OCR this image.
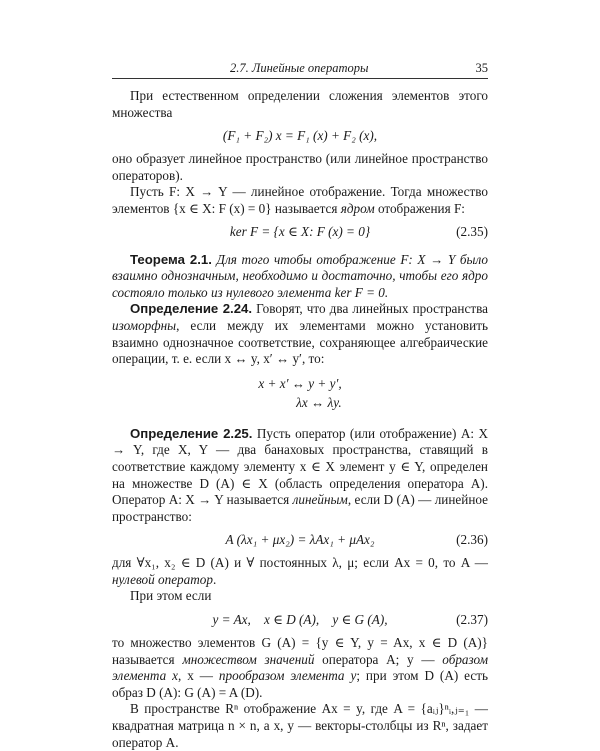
2.7. Линейные операторы	35

При естественном определении сложения элементов этого множества

(F₁ + F₂) x = F₁ (x) + F₂ (x),

оно образует линейное пространство (или линейное пространство операторов).

Пусть F: X → Y — линейное отображение. Тогда множество элементов {x ∈ X: F (x) = 0} называется ядром отображения F:

ker F = {x ∈ X: F (x) = 0}	(2.35)

Теорема 2.1. Для того чтобы отображение F: X → Y было взаимно однозначным, необходимо и достаточно, чтобы его ядро состояло только из нулевого элемента ker F = 0.

Определение 2.24. Говорят, что два линейных пространства изоморфны, если между их элементами можно установить взаимно однозначное соответствие, сохраняющее алгебраические операции, т. е. если x ↔ y, x′ ↔ y′, то:

x + x′ ↔ y + y′,
λx ↔ λy.

Определение 2.25. Пусть оператор (или отображение) A: X → Y, где X, Y — два банаховых пространства, ставящий в соответствие каждому элементу x ∈ X элемент y ∈ Y, определен на множестве D (A) ∈ X (область определения оператора A). Оператор A: X → Y называется линейным, если D (A) — линейное пространство:

A (λx₁ + μx₂) = λAx₁ + μAx₂	(2.36)

для ∀x₁, x₂ ∈ D (A) и ∀ постоянных λ, μ; если Ax = 0, то A — нулевой оператор.

При этом если

y = Ax,    x ∈ D (A),    y ∈ G (A),	(2.37)

то множество элементов G (A) = {y ∈ Y, y = Ax, x ∈ D (A)} называется множеством значений оператора A; y — образом элемента x, x — прообразом элемента y; при этом D (A) есть образ D (A): G (A) = A (D).

В пространстве Rⁿ отображение Ax = y, где A = {aᵢⱼ}ⁿᵢ,ⱼ₌₁ — квадратная матрица n × n, а x, y — векторы-столбцы из Rⁿ, задает оператор A.
